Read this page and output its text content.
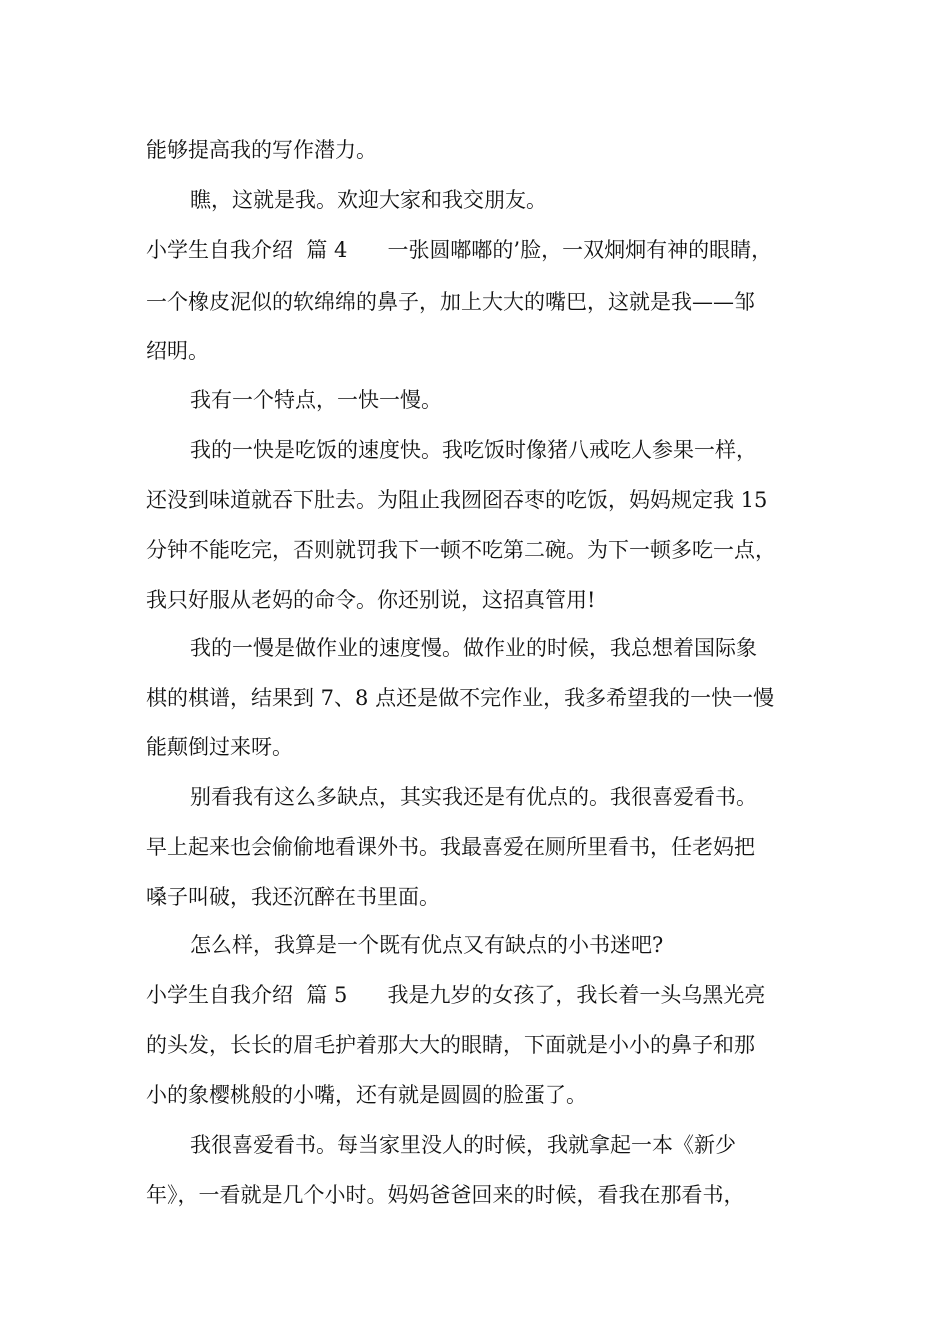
能够提高我的写作潜力。
瞧，这就是我。欢迎大家和我交朋友。
小学生自我介绍  篇 4      一张圆嘟嘟的’脸，一双炯炯有神的眼睛，
一个橡皮泥似的软绵绵的鼻子，加上大大的嘴巴，这就是我——邹
绍明。
我有一个特点，一快一慢。
我的一快是吃饭的速度快。我吃饭时像猪八戒吃人参果一样，
还没到味道就吞下肚去。为阻止我囫囵吞枣的吃饭，妈妈规定我 15
分钟不能吃完，否则就罚我下一顿不吃第二碗。为下一顿多吃一点，
我只好服从老妈的命令。你还别说，这招真管用!
我的一慢是做作业的速度慢。做作业的时候，我总想着国际象
棋的棋谱，结果到 7、8 点还是做不完作业，我多希望我的一快一慢
能颠倒过来呀。
别看我有这么多缺点，其实我还是有优点的。我很喜爱看书。
早上起来也会偷偷地看课外书。我最喜爱在厕所里看书，任老妈把
嗓子叫破，我还沉醉在书里面。
怎么样，我算是一个既有优点又有缺点的小书迷吧?
小学生自我介绍  篇 5      我是九岁的女孩了，我长着一头乌黑光亮
的头发，长长的眉毛护着那大大的眼睛，下面就是小小的鼻子和那
小的象樱桃般的小嘴，还有就是圆圆的脸蛋了。
我很喜爱看书。每当家里没人的时候，我就拿起一本《新少
年》，一看就是几个小时。妈妈爸爸回来的时候，看我在那看书，
